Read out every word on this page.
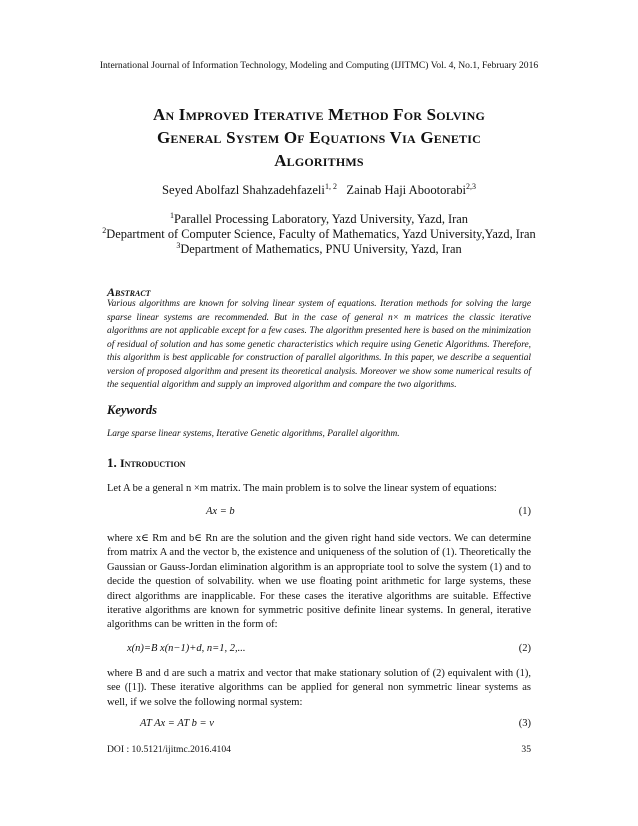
International Journal of Information Technology, Modeling and Computing (IJITMC) Vol. 4, No.1, February 2016
An Improved Iterative Method For Solving
General System Of Equations Via Genetic
Algorithms
Seyed Abolfazl Shahzadehfazeli$^{1, 2}$ Zainab Haji Abootorabi$^{2,3}$
$^1$Parallel Processing Laboratory, Yazd University, Yazd, Iran
$^2$Department of Computer Science, Faculty of Mathematics, Yazd University,Yazd, Iran
$^3$Department of Mathematics, PNU University, Yazd, Iran
Abstract
Various algorithms are known for solving linear system of equations. Iteration methods for solving the large sparse linear systems are recommended. But in the case of general n× m matrices the classic iterative algorithms are not applicable except for a few cases. The algorithm presented here is based on the minimization of residual of solution and has some genetic characteristics which require using Genetic Algorithms. Therefore, this algorithm is best applicable for construction of parallel algorithms. In this paper, we describe a sequential version of proposed algorithm and present its theoretical analysis. Moreover we show some numerical results of the sequential algorithm and supply an improved algorithm and compare the two algorithms.
Keywords
Large sparse linear systems, Iterative Genetic algorithms, Parallel algorithm.
1. Introduction
Let A be a general n ×m matrix. The main problem is to solve the linear system of equations:
Ax = b	(1)
where x∈ Rm and b∈ Rn are the solution and the given right hand side vectors. We can determine from matrix A and the vector b, the existence and uniqueness of the solution of (1). Theoretically the Gaussian or Gauss-Jordan elimination algorithm is an appropriate tool to solve the system (1) and to decide the question of solvability. when we use floating point arithmetic for large systems, these direct algorithms are inapplicable. For these cases the iterative algorithms are suitable. Effective iterative algorithms are known for symmetric positive definite linear systems. In general, iterative algorithms can be written in the form of:
x(n)=B x(n−1)+d, n=1, 2,...	(2)
where B and d are such a matrix and vector that make stationary solution of (2) equivalent with (1), see ([1]). These iterative algorithms can be applied for general non symmetric linear systems as well, if we solve the following normal system:
AT Ax = AT b = v	(3)
DOI : 10.5121/ijitmc.2016.4104	35
